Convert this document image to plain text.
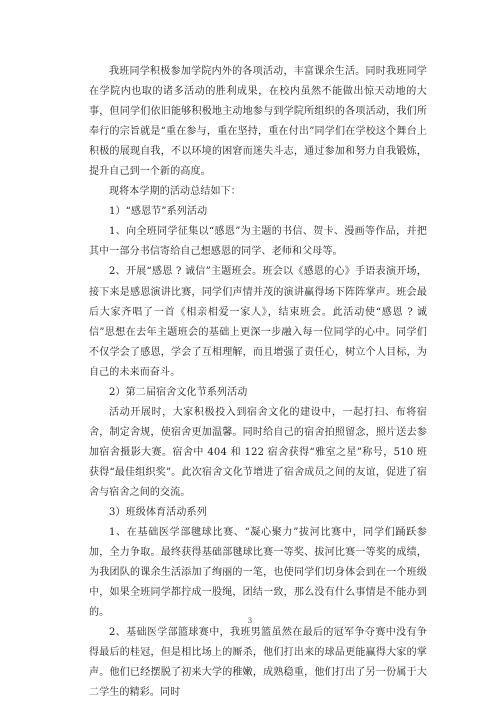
我班同学积极参加学院内外的各项活动，丰富课余生活。同时我班同学在学院内也取的诸多活动的胜利成果，在校内虽然不能做出惊天动地的大事，但同学们依旧能够积极地主动地参与到学院所组织的各项活动，我们所奉行的宗旨就是“重在参与，重在坚持，重在付出”同学们在学校这个舞台上积极的展现自我，不以环境的困窘而迷失斗志，通过参加和努力自我锻炼，提升自己到一个新的高度。

现将本学期的活动总结如下：

1）“感恩节”系列活动

1、向全班同学征集以“感恩”为主题的书信、贺卡、漫画等作品，并把其中一部分书信寄给自己想感恩的同学、老师和父母等。

2、开展“感恩 ? 诚信”主题班会。班会以《感恩的心》手语表演开场，接下来是感恩演讲比赛，同学们声情并茂的演讲赢得场下阵阵掌声。班会最后大家齐唱了一首《相亲相爱一家人》，结束班会。此活动使“感恩 ? 诚信”思想在去年主题班会的基础上更深一步融入每一位同学的心中。同学们不仅学会了感恩，学会了互相理解，而且增强了责任心，树立个人目标，为自己的未来而奋斗。

2）第二届宿舍文化节系列活动

活动开展时，大家积极投入到宿舍文化的建设中，一起打扫、布将宿舍，制定舍规，使宿舍更加温馨。同时给自己的宿舍拍照留念，照片送去参加宿舍摄影大赛。宿舍中 404 和 122 宿舍获得“雅室之星”称号，510 班获得“最佳组织奖”。此次宿舍文化节增进了宿舍成员之间的友谊，促进了宿舍与宿舍之间的交流。

3）班级体育活动系列

1、在基础医学部毽球比赛、“凝心聚力”拔河比赛中，同学们踊跃参加，全力争取。最终获得基础部毽球比赛一等奖、拔河比赛一等奖的成绩，为我团队的课余生活添加了绚丽的一笔，也使同学们切身体会到在一个班级中，如果全班同学都拧成一股绳，团结一致，那么没有什么事情是不能办到的。

2、基础医学部篮球赛中，我班男篮虽然在最后的冠军争夺赛中没有争得最后的桂冠，但是相比场上的厮杀，他们打出来的球品更能赢得大家的掌声。他们已经摆脱了初来大学的稚嫩，成熟稳重，他们打出了另一份属于大二学生的精彩。同时

3
